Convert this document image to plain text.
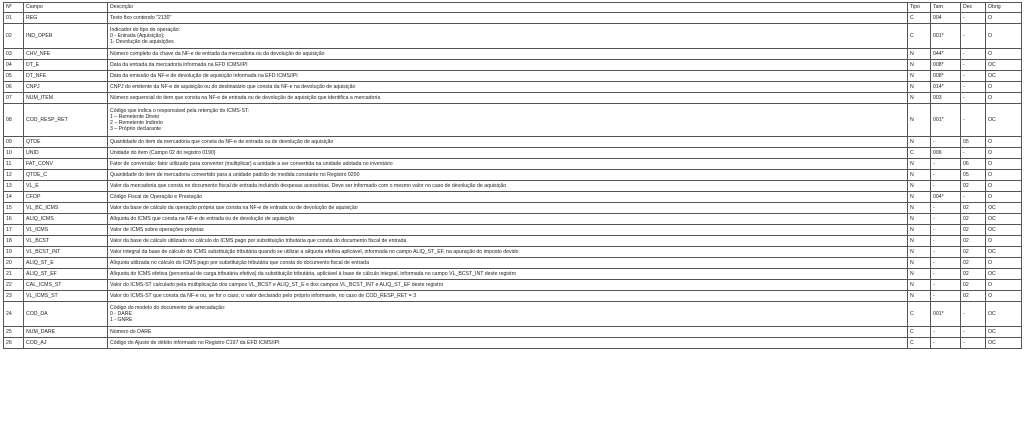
Nº	Campo	Descrição	Tipo	Tam	Dec	Obrig
01	REG	Texto fixo contendo "2130"	C	004	-	O
02	IND_OPER	Indicador do tipo de operação:
0 - Entrada (Aquisição);
1- Devolução de aquisições	C	001*	-	O
03	CHV_NFE	Número completo da chave da NF-e de entrada da mercadoria ou da devolução de aquisição	N	044*	-	O
04	DT_E	Data da entrada da mercadoria informada na EFD ICMS/IPI	N	008*	-	OC
05	DT_NFE	Data da emissão da NF-e de devolução de aquisição informada na EFD ICMS/IPI	N	008*	-	OC
06	CNPJ	CNPJ do emitente da NF-e de aquisição ou do destinatário que consta da NF-e na devolução de aquisição	N	014*	-	O
07	NUM_ITEM	Número sequencial do item que consta na NF-e de entrada ou de devolução de aquisição que identifica a mercadoria	N	003	-	O
08	COD_RESP_RET	Código que indica o responsável pela retenção do ICMS-ST:
1 – Remetente Direto
2 – Remetente Indireto
3 – Próprio declarante	N	001*	-	OC
09	QTDE	Quantidade do item da mercadoria que consta da NF-e de entrada ou de devolução de aquisição	N	-	05	O
10	UNID	Unidade do item (Campo 02 do registro 0190)	C	006	-	O
11	FAT_CONV	Fator de conversão: fator utilizado para converter (multiplicar) a unidade a ser convertida na unidade adotada no inventário	N	-	06	O
12	QTDE_C	Quantidade do item de mercadoria convertido para a unidade padrão de medida constante no Registro 0200	N	-	05	O
13	VL_E	Valor da mercadoria que consta no documento fiscal de entrada incluindo despesas acessórias. Deve ser informado com o mesmo valor no caso de devolução de aquisição	N	-	02	O
14	CFOP	Código Fiscal de Operação e Prestação	N	004*	-	O
15	VL_BC_ICMS	Valor da base de cálculo da operação própria que consta na NF-e de entrada ou de devolução de aquisição	N	-	02	OC
16	ALIQ_ICMS	Alíquota do ICMS que consta na NF-e de entrada ou de devolução de aquisição	N	-	02	OC
17	VL_ICMS	Valor de ICMS sobre operações próprias	N	-	02	OC
18	VL_BCST	Valor da base de cálculo utilizado no cálculo do ICMS pago por substituição tributária que consta do documento fiscal de entrada	N	-	02	O
19	VL_BCST_INT	Valor integral da base de cálculo do ICMS substituição tributária quando se utilizar a alíquota efetiva aplicável, informada no campo ALIQ_ST_EF, na apuração do imposto devido	N	-	02	OC
20	ALIQ_ST_E	Alíquota utilizada no cálculo do ICMS pago por substituição tributária que consta do documento fiscal de entrada	N	-	02	O
21	ALIQ_ST_EF	Alíquota do ICMS efetiva (percentual de carga tributária efetiva) da substituição tributária, aplicável à base de cálculo integral, informada no campo VL_BCST_INT deste registro	N	-	02	OC
22	CAL_ICMS_ST	Valor do ICMS-ST calculado pela multiplicação dos campos VL_BCST e ALIQ_ST_E e dos campos VL_BCST_INT e ALIQ_ST_EF deste registro	N	-	02	O
23	VL_ICMS_ST	Valor do ICMS-ST que consta da NF-e ou, se for o caso, o valor declarado pelo próprio informante, no caso de COD_RESP_RET = 3	N	-	02	O
24	COD_DA	Código do modelo do documento de arrecadação:
0 - DARE
1 - GNRE	C	001*	-	OC
25	NUM_DARE	Número do DARE	C	-	-	OC
26	COD_AJ	Código do Ajuste de débito informado no Registro C197 da EFD ICMS/IPI	C	-	-	OC
